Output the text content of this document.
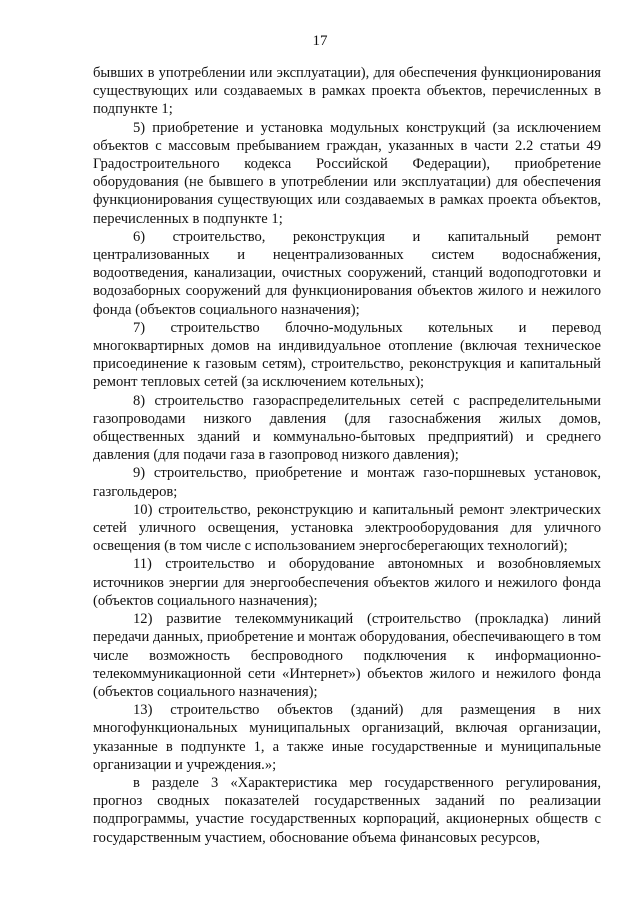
17

бывших в употреблении или эксплуатации), для обеспечения функционирования существующих или создаваемых в рамках проекта объектов, перечисленных в подпункте 1;

5) приобретение и установка модульных конструкций (за исключением объектов с массовым пребыванием граждан, указанных в части 2.2 статьи 49 Градостроительного кодекса Российской Федерации), приобретение оборудования (не бывшего в употреблении или эксплуатации) для обеспечения функционирования существующих или создаваемых в рамках проекта объектов, перечисленных в подпункте 1;

6) строительство, реконструкция и капитальный ремонт централизованных и нецентрализованных систем водоснабжения, водоотведения, канализации, очистных сооружений, станций водоподготовки и водозаборных сооружений для функционирования объектов жилого и нежилого фонда (объектов социального назначения);

7) строительство блочно-модульных котельных и перевод многоквартирных домов на индивидуальное отопление (включая техническое присоединение к газовым сетям), строительство, реконструкция и капитальный ремонт тепловых сетей (за исключением котельных);

8) строительство газораспределительных сетей с распределительными газопроводами низкого давления (для газоснабжения жилых домов, общественных зданий и коммунально-бытовых предприятий) и среднего давления (для подачи газа в газопровод низкого давления);

9) строительство, приобретение и монтаж газо-поршневых установок, газгольдеров;

10) строительство, реконструкцию и капитальный ремонт электрических сетей уличного освещения, установка электрооборудования для уличного освещения (в том числе с использованием энергосберегающих технологий);

11) строительство и оборудование автономных и возобновляемых источников энергии для энергообеспечения объектов жилого и нежилого фонда (объектов социального назначения);

12) развитие телекоммуникаций (строительство (прокладка) линий передачи данных, приобретение и монтаж оборудования, обеспечивающего в том числе возможность беспроводного подключения к информационно-телекоммуникационной сети «Интернет») объектов жилого и нежилого фонда (объектов социального назначения);

13) строительство объектов (зданий) для размещения в них многофункциональных муниципальных организаций, включая организации, указанные в подпункте 1, а также иные государственные и муниципальные организации и учреждения.»;

в разделе 3 «Характеристика мер государственного регулирования, прогноз сводных показателей государственных заданий по реализации подпрограммы, участие государственных корпораций, акционерных обществ с государственным участием, обоснование объема финансовых ресурсов,
